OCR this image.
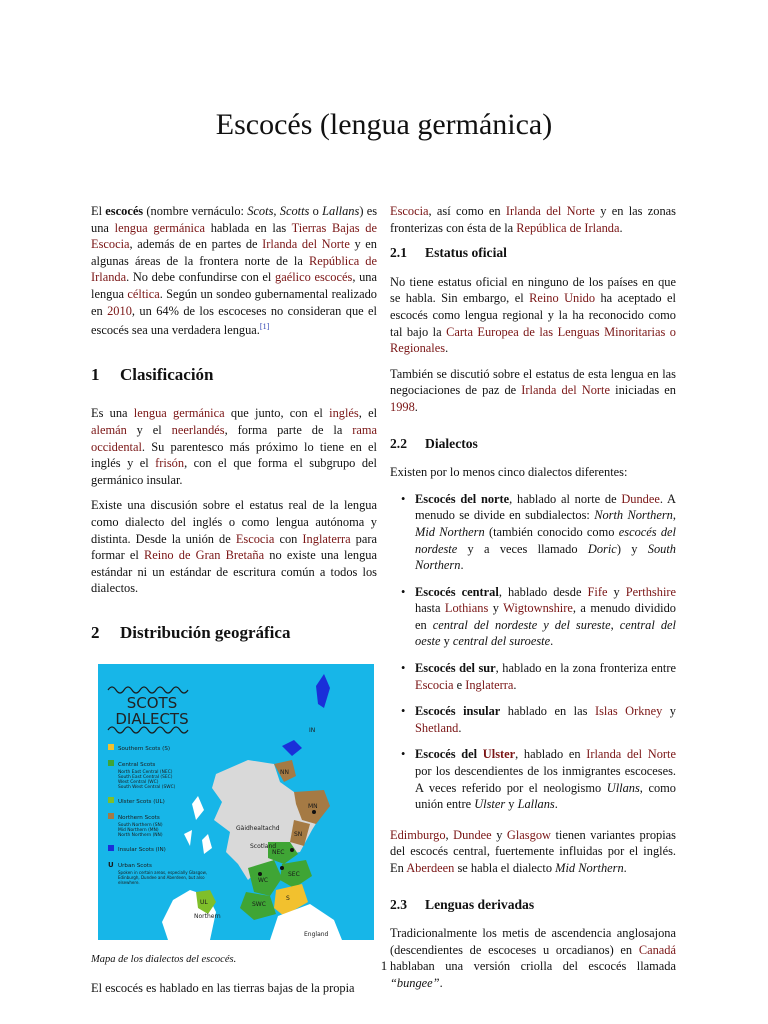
Escocés (lengua germánica)

El escocés (nombre vernáculo: Scots, Scotts o Lallans) es una lengua germánica hablada en las Tierras Bajas de Escocia, además de en partes de Irlanda del Norte y en algunas áreas de la frontera norte de la República de Irlanda. No debe confundirse con el gaélico escocés, una lengua céltica. Según un sondeo gubernamental realizado en 2010, un 64% de los escoceses no consideran que el escocés sea una verdadera lengua.[1]

1	Clasificación

Es una lengua germánica que junto, con el inglés, el alemán y el neerlandés, forma parte de la rama occidental. Su parentesco más próximo lo tiene en el inglés y el frisón, con el que forma el subgrupo del germánico insular.

Existe una discusión sobre el estatus real de la lengua como dialecto del inglés o como lengua autónoma y distinta. Desde la unión de Escocia con Inglaterra para formar el Reino de Gran Bretaña no existe una lengua estándar ni un estándar de escritura común a todos los dialectos.

2	Distribución geográfica
SCOTS
DIALECTS
IN
NN
MN
SN
NEC
SEC
WC
SWC
S
UL
Gàidhealtachd
Scotland
Northern
England
Southern Scots (S)
Central Scots
North East Central (NEC)
South East Central (SEC)
West Central (WC)
South West Central (SWC)
Ulster Scots (UL)
Northern Scots
South Northern (SN)
Mid Northern (MN)
North Northern (NN)
Insular Scots (IN)
U Urban Scots
Spoken in certain areas, especially Glasgow,
Edinburgh, Dundee and Aberdeen, but also
elsewhere.

Mapa de los dialectos del escocés.

El escocés es hablado en las tierras bajas de la propia

Escocia, así como en Irlanda del Norte y en las zonas fronterizas con ésta de la República de Irlanda.

2.1	Estatus oficial

No tiene estatus oficial en ninguno de los países en que se habla. Sin embargo, el Reino Unido ha aceptado el escocés como lengua regional y la ha reconocido como tal bajo la Carta Europea de las Lenguas Minoritarias o Regionales.

También se discutió sobre el estatus de esta lengua en las negociaciones de paz de Irlanda del Norte iniciadas en 1998.

2.2	Dialectos

Existen por lo menos cinco dialectos diferentes:

• Escocés del norte, hablado al norte de Dundee. A menudo se divide en subdialectos: North Northern, Mid Northern (también conocido como escocés del nordeste y a veces llamado Doric) y South Northern.
• Escocés central, hablado desde Fife y Perthshire hasta Lothians y Wigtownshire, a menudo dividido en central del nordeste y del sureste, central del oeste y central del suroeste.
• Escocés del sur, hablado en la zona fronteriza entre Escocia e Inglaterra.
• Escocés insular hablado en las Islas Orkney y Shetland.
• Escocés del Ulster, hablado en Irlanda del Norte por los descendientes de los inmigrantes escoceses. A veces referido por el neologismo Ullans, como unión entre Ulster y Lallans.

Edimburgo, Dundee y Glasgow tienen variantes propias del escocés central, fuertemente influidas por el inglés. En Aberdeen se habla el dialecto Mid Northern.

2.3	Lenguas derivadas

Tradicionalmente los metis de ascendencia anglosajona (descendientes de escoceses u orcadianos) en Canadá hablaban una versión criolla del escocés llamada “bungee”.

1
